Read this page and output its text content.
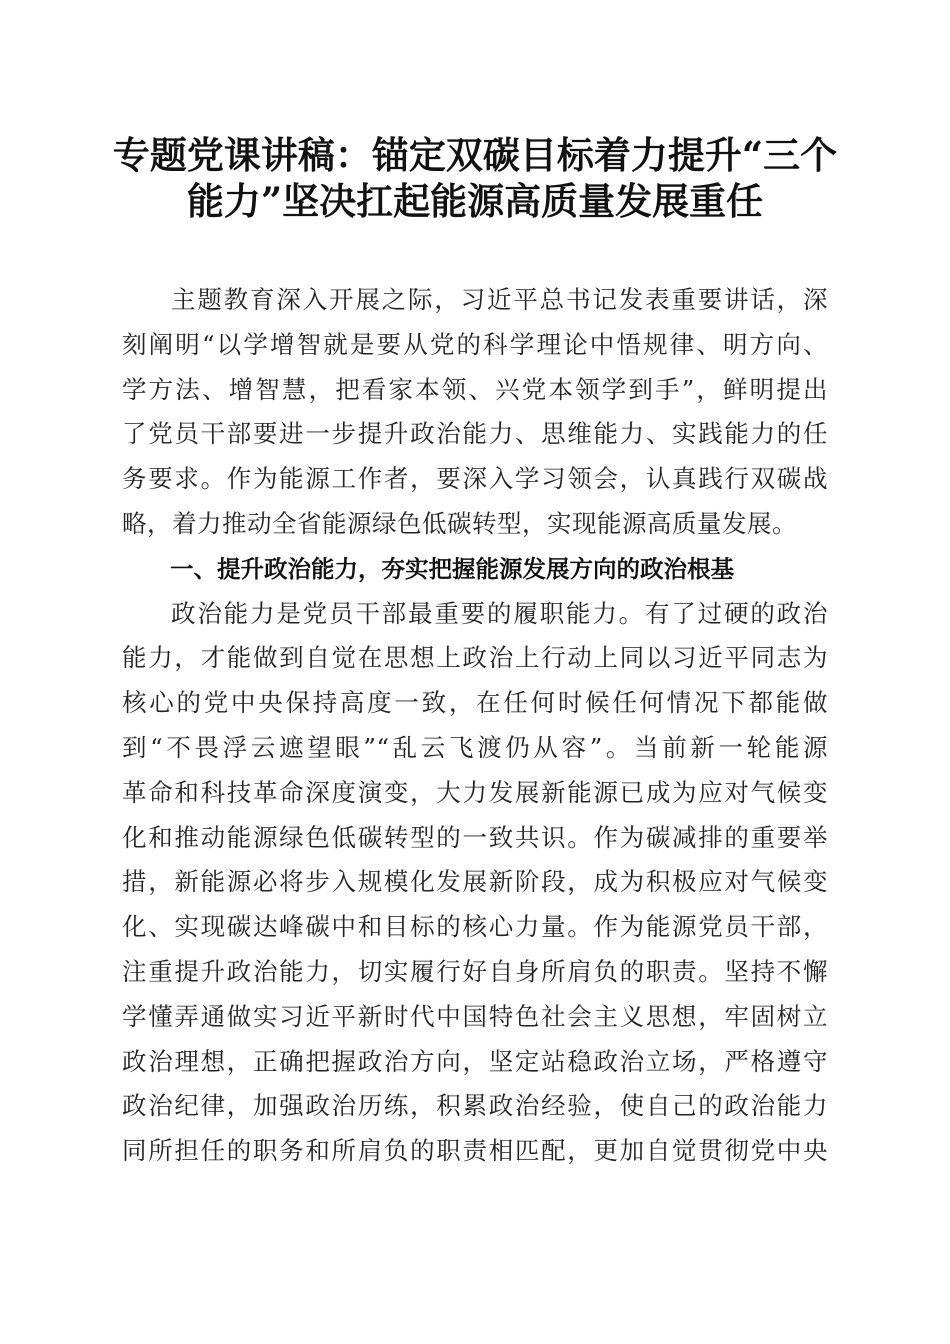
专题党课讲稿：锚定双碳目标着力提升“三个
能力”坚决扛起能源高质量发展重任
主题教育深入开展之际，习近平总书记发表重要讲话，深
刻阐明“以学增智就是要从党的科学理论中悟规律、明方向、
学方法、增智慧，把看家本领、兴党本领学到手”，鲜明提出
了党员干部要进一步提升政治能力、思维能力、实践能力的任
务要求。作为能源工作者，要深入学习领会，认真践行双碳战
略，着力推动全省能源绿色低碳转型，实现能源高质量发展。
一、提升政治能力，夯实把握能源发展方向的政治根基
政治能力是党员干部最重要的履职能力。有了过硬的政治
能力，才能做到自觉在思想上政治上行动上同以习近平同志为
核心的党中央保持高度一致，在任何时候任何情况下都能做
到“不畏浮云遮望眼”“乱云飞渡仍从容”。当前新一轮能源
革命和科技革命深度演变，大力发展新能源已成为应对气候变
化和推动能源绿色低碳转型的一致共识。作为碳减排的重要举
措，新能源必将步入规模化发展新阶段，成为积极应对气候变
化、实现碳达峰碳中和目标的核心力量。作为能源党员干部，
注重提升政治能力，切实履行好自身所肩负的职责。坚持不懈
学懂弄通做实习近平新时代中国特色社会主义思想，牢固树立
政治理想，正确把握政治方向，坚定站稳政治立场，严格遵守
政治纪律，加强政治历练，积累政治经验，使自己的政治能力
同所担任的职务和所肩负的职责相匹配，更加自觉贯彻党中央
